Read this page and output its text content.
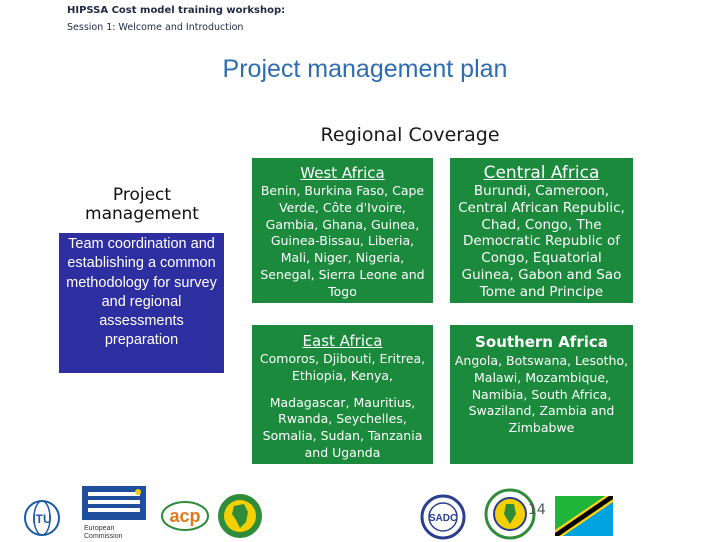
HIPSSA Cost model training workshop:
Session 1: Welcome and Introduction
Project management plan
Regional Coverage
Project management
Team coordination and establishing a common methodology for survey and regional assessments preparation
West Africa
Benin, Burkina Faso, Cape Verde, Côte d'Ivoire, Gambia, Ghana, Guinea, Guinea-Bissau, Liberia, Mali, Niger, Nigeria, Senegal, Sierra Leone and Togo
Central Africa
Burundi, Cameroon, Central African Republic, Chad, Congo, The Democratic Republic of Congo, Equatorial Guinea, Gabon and Sao Tome and Principe
East Africa
Comoros, Djibouti, Eritrea, Ethiopia, Kenya,
Madagascar, Mauritius, Rwanda, Seychelles, Somalia, Sudan, Tanzania and Uganda
Southern Africa
Angola, Botswana, Lesotho, Malawi, Mozambique, Namibia, South Africa, Swaziland, Zambia and Zimbabwe
ITU
European
Commission
acp	SADC
14
